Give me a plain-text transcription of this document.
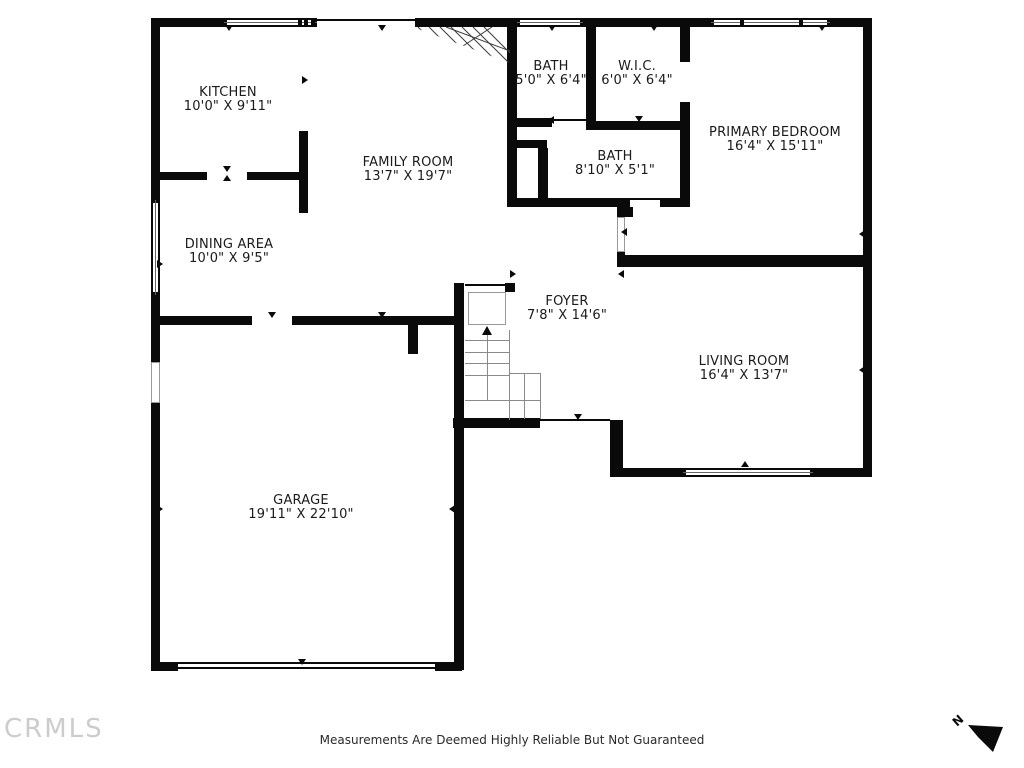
N
KITCHEN
10'0" X 9'11"
FAMILY ROOM
13'7" X 19'7"
BATH
5'0" X 6'4"
W.I.C.
6'0" X 6'4"
PRIMARY BEDROOM
16'4" X 15'11"
BATH
8'10" X 5'1"
DINING AREA
10'0" X 9'5"
FOYER
7'8" X 14'6"
LIVING ROOM
16'4" X 13'7"
GARAGE
19'11" X 22'10"
CRMLS	Measurements Are Deemed Highly Reliable But Not Guaranteed
